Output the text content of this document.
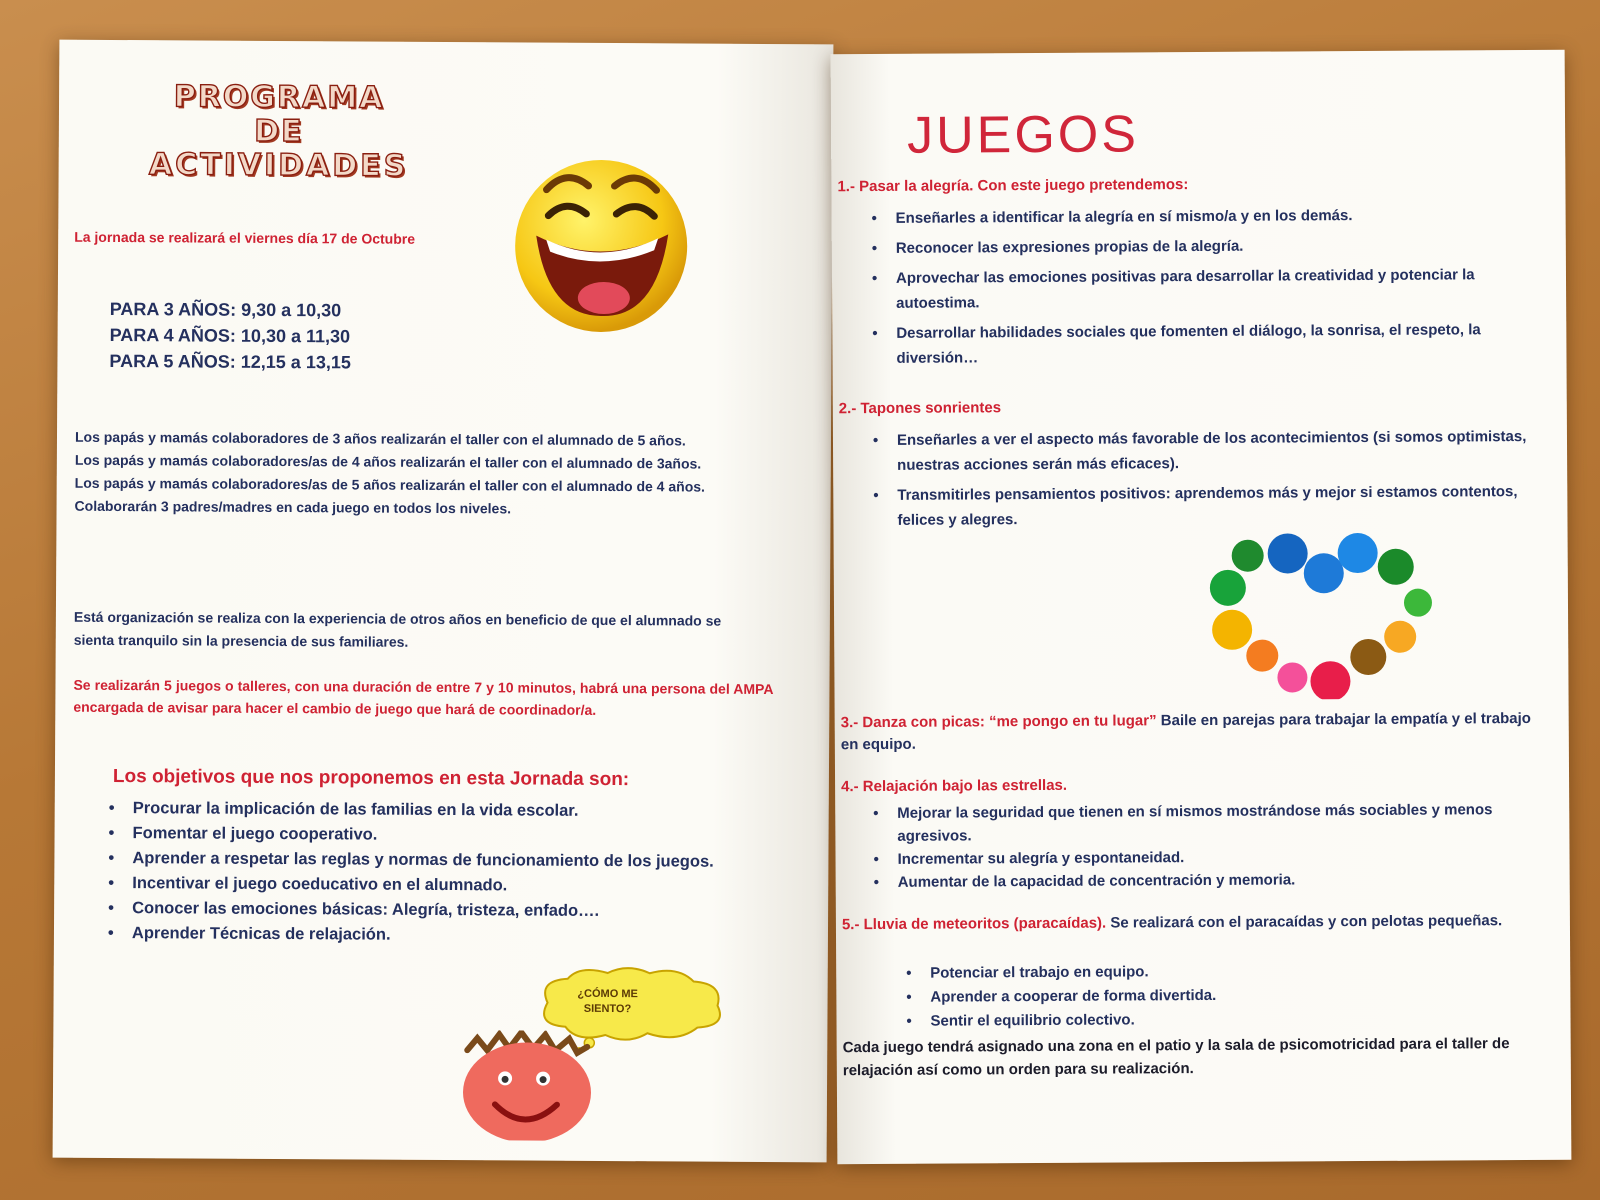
PROGRAMA
DE
ACTIVIDADES
La jornada se realizará el viernes día 17 de Octubre
PARA 3 AÑOS: 9,30 a 10,30
PARA 4 AÑOS: 10,30 a 11,30
PARA 5 AÑOS: 12,15 a 13,15
Los papás y mamás colaboradores de 3 años realizarán el taller con el alumnado de 5 años.
Los papás y mamás colaboradores/as de 4 años realizarán el taller con el alumnado de 3años.
Los papás y mamás colaboradores/as de 5 años realizarán el taller con el alumnado de 4 años.
Colaborarán 3 padres/madres en cada juego en todos los niveles.
Está organización se realiza con la experiencia de otros años en beneficio de que el alumnado se sienta tranquilo sin la presencia de sus familiares.
Se realizarán 5 juegos o talleres, con una duración de entre 7 y 10 minutos, habrá una persona del AMPA encargada de avisar para hacer el cambio de juego que hará de coordinador/a.
Los objetivos que nos proponemos en esta Jornada son:
• Procurar la implicación de las familias en la vida escolar.
• Fomentar el juego cooperativo.
• Aprender a respetar las reglas y normas de funcionamiento de los juegos.
• Incentivar el juego coeducativo en el alumnado.
• Conocer las emociones básicas: Alegría, tristeza, enfado….
• Aprender Técnicas de relajación.
¿CÓMO ME SIENTO?
JUEGOS
1.- Pasar la alegría. Con este juego pretendemos:
• Enseñarles a identificar la alegría en sí mismo/a y en los demás.
• Reconocer las expresiones propias de la alegría.
• Aprovechar las emociones positivas para desarrollar la creatividad y potenciar la autoestima.
• Desarrollar habilidades sociales que fomenten el diálogo, la sonrisa, el respeto, la diversión…
2.- Tapones sonrientes
• Enseñarles a ver el aspecto más favorable de los acontecimientos (si somos optimistas, nuestras acciones serán más eficaces).
• Transmitirles pensamientos positivos: aprendemos más y mejor si estamos contentos, felices y alegres.
3.- Danza con picas: “me pongo en tu lugar” Baile en parejas para trabajar la empatía y el trabajo en equipo.
4.- Relajación bajo las estrellas.
• Mejorar la seguridad que tienen en sí mismos mostrándose más sociables y menos agresivos.
• Incrementar su alegría y espontaneidad.
• Aumentar de la capacidad de concentración y memoria.
5.- Lluvia de meteoritos (paracaídas). Se realizará con el paracaídas y con pelotas pequeñas.
• Potenciar el trabajo en equipo.
• Aprender a cooperar de forma divertida.
• Sentir el equilibrio colectivo.
Cada juego tendrá asignado una zona en el patio y la sala de psicomotricidad para el taller de relajación así como un orden para su realización.
